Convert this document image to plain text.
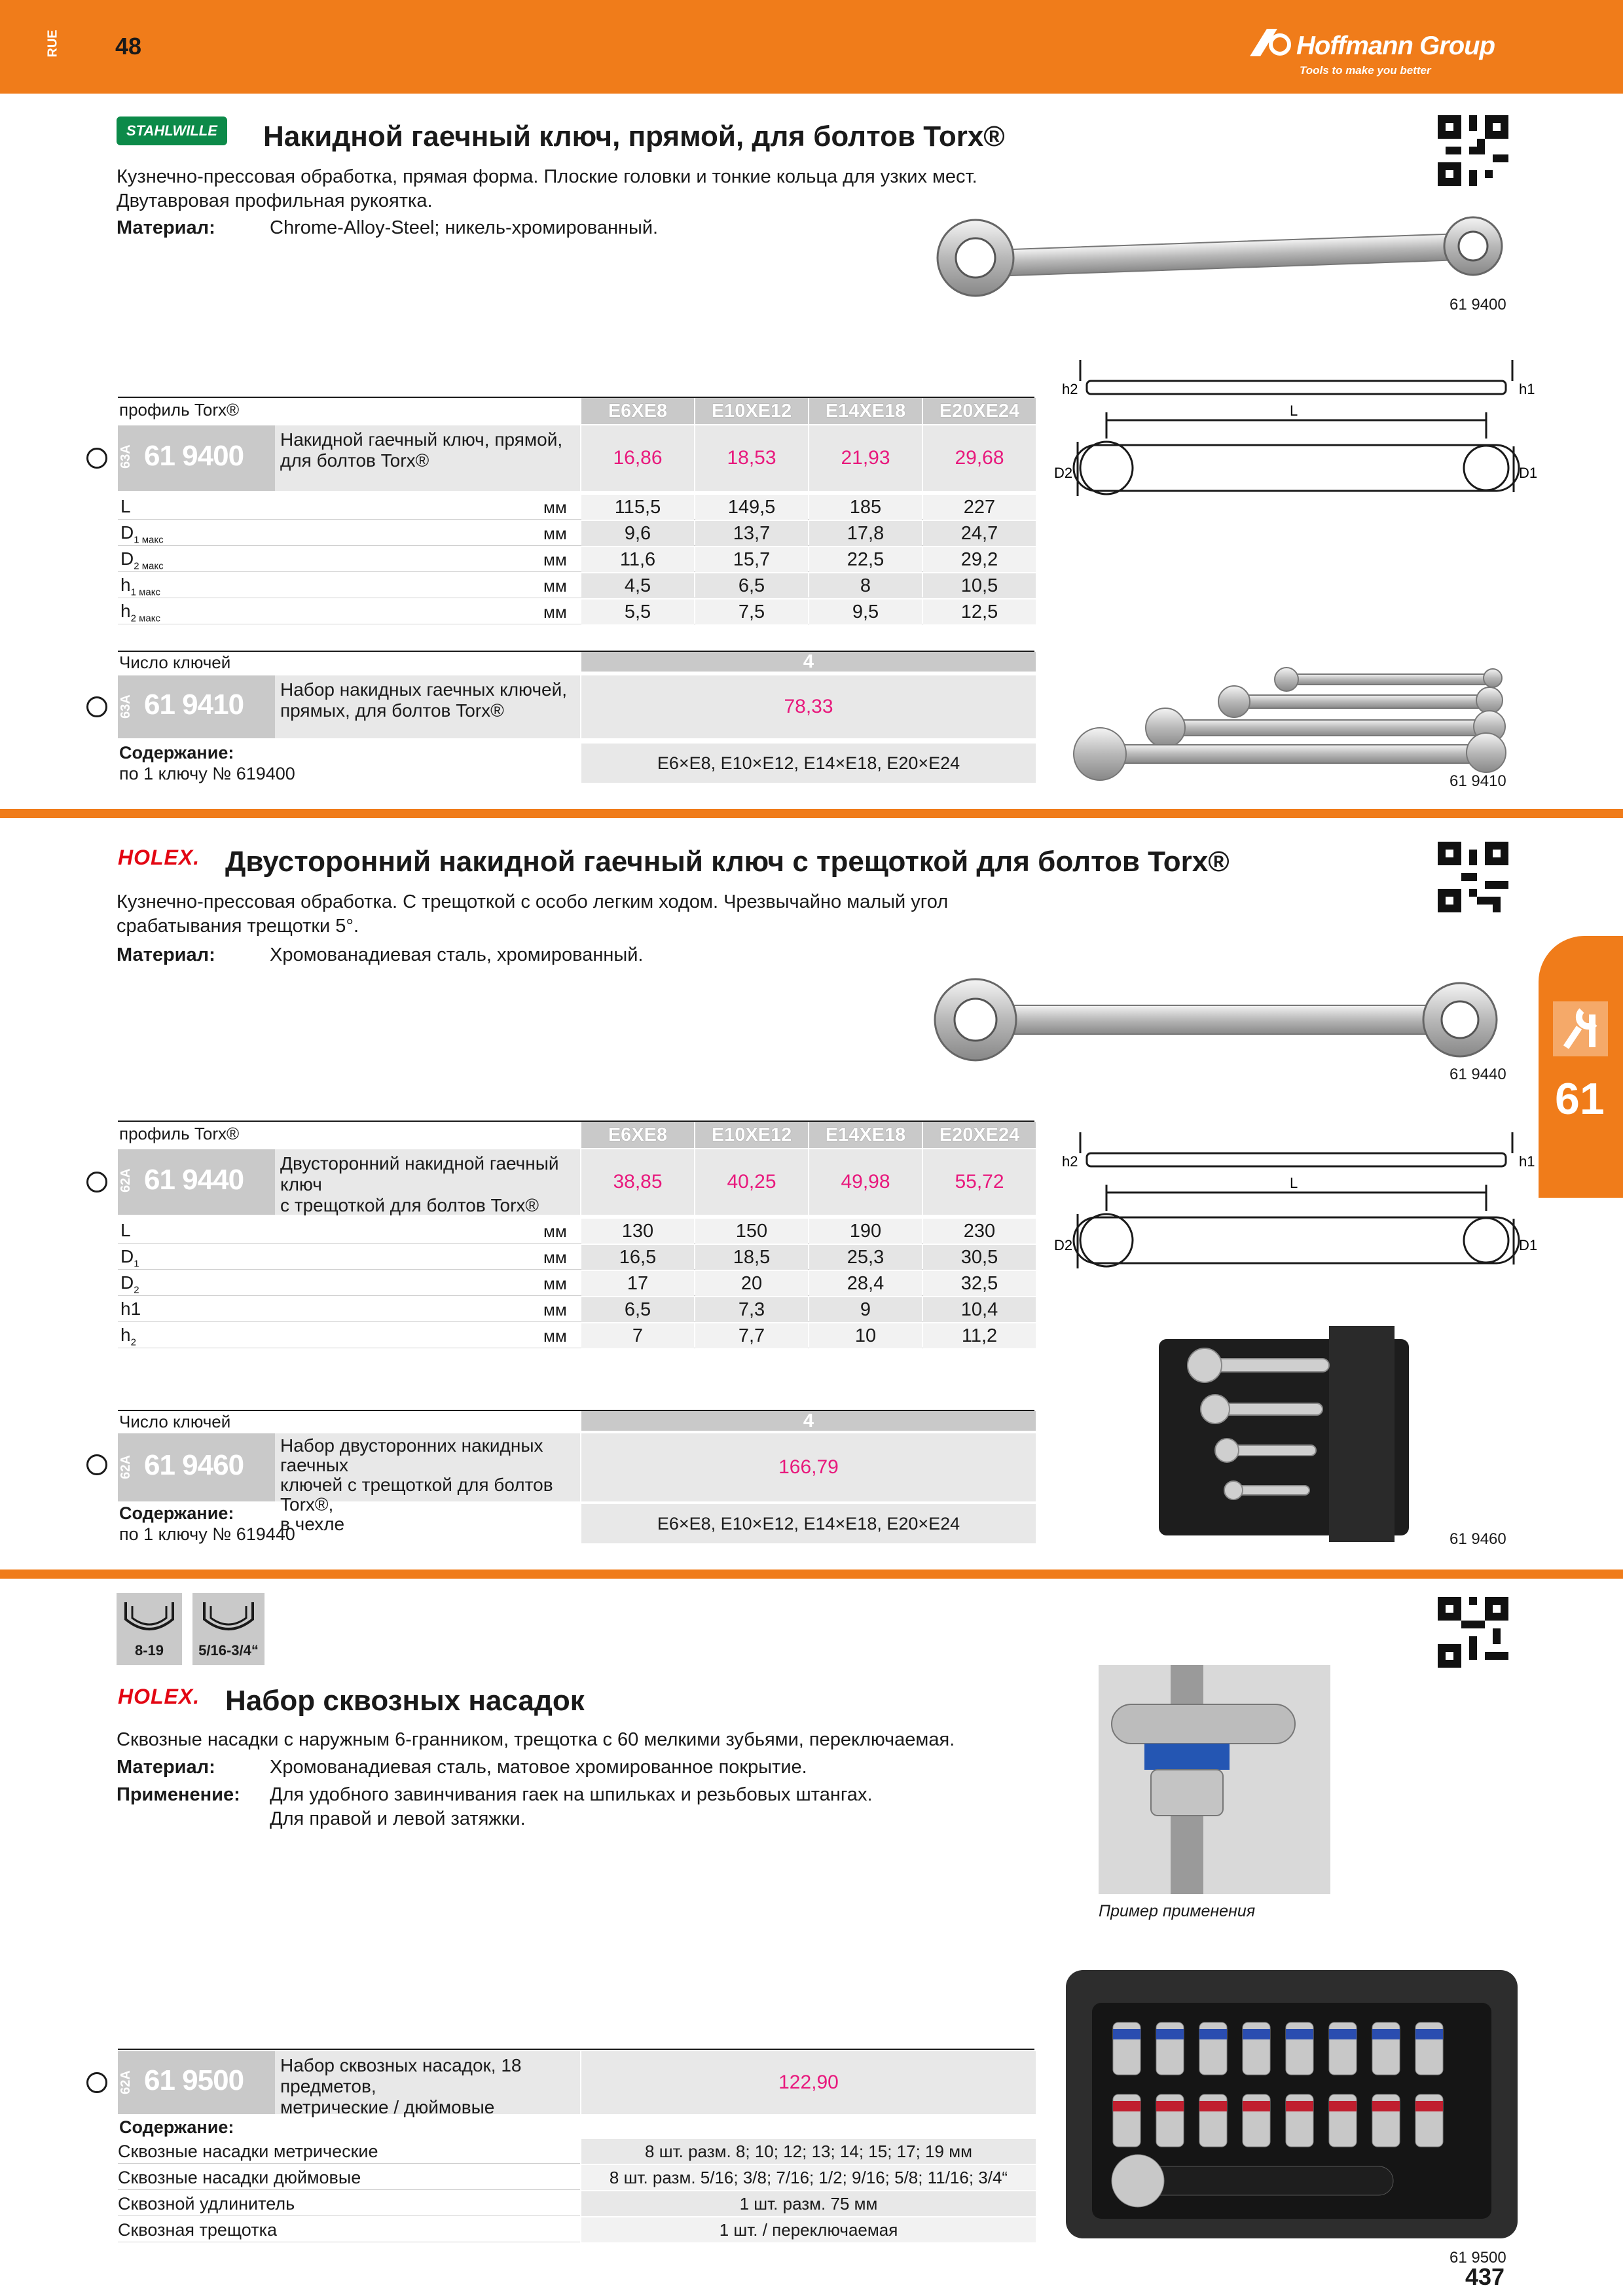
RUE 48	Hoffmann Group
Tools to make you better
61
STAHLWILLE	Накидной гаечный ключ, прямой, для болтов Torx®
Кузнечно-прессовая обработка, прямая форма. Плоские головки и тонкие кольца для узких мест.
Двутавровая профильная рукоятка.
Материал:	Chrome-Alloy-Steel; никель-хромированный.
61 9400
h2	h1
L
D2	D1
профиль Torx®	E6XE8	E10XE12	E14XE18	E20XE24
63A 61 9400
Накидной гаечный ключ, прямой,
для болтов Torx®	16,86	18,53	21,93	29,68
L	мм	115,5	149,5	185	227
$D_{1 макс}$	мм	9,6	13,7	17,8	24,7
$D_{2 макс}$	мм	11,6	15,7	22,5	29,2
$h_{1 макс}$	мм	4,5	6,5	8	10,5
$h_{2 макс}$	мм	5,5	7,5	9,5	12,5
Число ключей	4
63A 61 9410 Набор накидных гаечных ключей,
прямых, для болтов Torx®	78,33
Содержание:
по 1 ключу № 619400
E6×E8, E10×E12, E14×E18, E20×E24
61 9410
HOLEX. Двусторонний накидной гаечный ключ с трещоткой для болтов Torx®
Кузнечно-прессовая обработка. С трещоткой с особо легким ходом. Чрезвычайно малый угол
срабатывания трещотки 5°.
Материал:	Хромованадиевая сталь, хромированный.
61 9440
h2	h1
L
D2	D1
профиль Torx®	E6XE8	E10XE12	E14XE18	E20XE24
62A 61 9440
Двусторонний накидной гаечный ключ
с трещоткой для болтов Torx®
38,85	40,25	49,98	55,72
L	мм	130	150	190	230
$D_1$	мм	16,5	18,5	25,3	30,5
$D_2$	мм	17	20	28,4	32,5
h1	мм	6,5	7,3	9	10,4
$h_2$	мм	7	7,7	10	11,2
Число ключей	4
62A 61 9460
Набор двусторонних накидных гаечных
ключей с трещоткой для болтов Torx®,
в чехле
166,79
Содержание:
по 1 ключу № 619440
E6×E8, E10×E12, E14×E18, E20×E24
61 9460
8-19	5/16-3/4“
HOLEX. Набор сквозных насадок
Сквозные насадки с наружным 6-гранником, трещотка с 60 мелкими зубьями, переключаемая.
Материал:	Хромованадиевая сталь, матовое хромированное покрытие.
Применение: Для удобного завинчивания гаек на шпильках и резьбовых штангах.
Для правой и левой затяжки.
Пример применения
62A 61 9500 Набор сквозных насадок, 18 предметов,
метрические / дюймовые
122,90
Содержание:
Сквозные насадки метрические	8 шт. разм. 8; 10; 12; 13; 14; 15; 17; 19 мм
Сквозные насадки дюймовые	8 шт. разм. 5/16; 3/8; 7/16; 1/2; 9/16; 5/8; 11/16; 3/4“
Сквозной удлинитель	1 шт. разм. 75 мм
Сквозная трещотка	1 шт. / переключаемая
61 9500
437
